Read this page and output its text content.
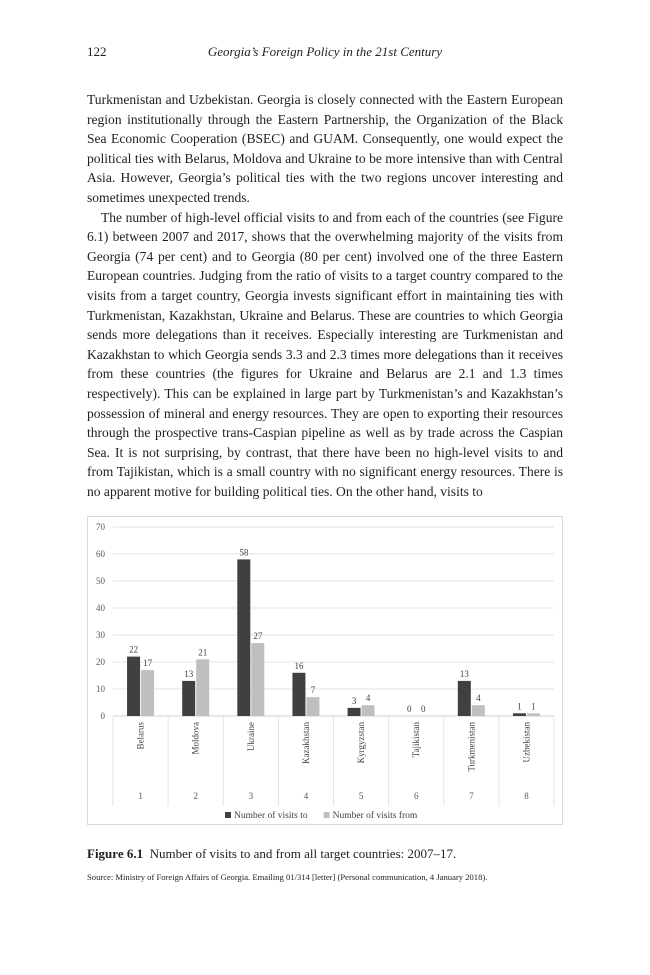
122	Georgia’s Foreign Policy in the 21st Century

Turkmenistan and Uzbekistan. Georgia is closely connected with the Eastern European region institutionally through the Eastern Partnership, the Organization of the Black Sea Economic Cooperation (BSEC) and GUAM. Consequently, one would expect the political ties with Belarus, Moldova and Ukraine to be more intensive than with Central Asia. However, Georgia’s political ties with the two regions uncover interesting and sometimes unexpected trends.

The number of high-level official visits to and from each of the countries (see Figure 6.1) between 2007 and 2017, shows that the overwhelming majority of the visits from Georgia (74 per cent) and to Georgia (80 per cent) involved one of the three Eastern European countries. Judging from the ratio of visits to a target country compared to the visits from a target country, Georgia invests significant effort in maintaining ties with Turkmenistan, Kazakhstan, Ukraine and Belarus. These are countries to which Georgia sends more delegations than it receives. Especially interesting are Turkmenistan and Kazakhstan to which Georgia sends 3.3 and 2.3 times more delegations than it receives from these countries (the figures for Ukraine and Belarus are 2.1 and 1.3 times respectively). This can be explained in large part by Turkmenistan’s and Kazakhstan’s possession of mineral and energy resources. They are open to exporting their resources through the prospective trans-Caspian pipeline as well as by trade across the Caspian Sea. It is not surprising, by contrast, that there have been no high-level visits to and from Tajikistan, which is a small country with no significant energy resources. There is no apparent motive for building political ties. On the other hand, visits to

0
10
20
30
40
50
60
70
22
17
Belarus
1
13
21
Moldova
2
58
27
Ukraine
3
16
7
Kazakhstan
4
3 4
Kyrgyzstan
5
0 0
Tajikistan
6
13
4
Turkmenistan
7
1 1
Uzbekistan
8
Number of visits to	Number of visits from
Figure 6.1 Number of visits to and from all target countries: 2007–17.
Source: Ministry of Foreign Affairs of Georgia. Emailing 01/314 [letter] (Personal communication, 4 January 2018).
